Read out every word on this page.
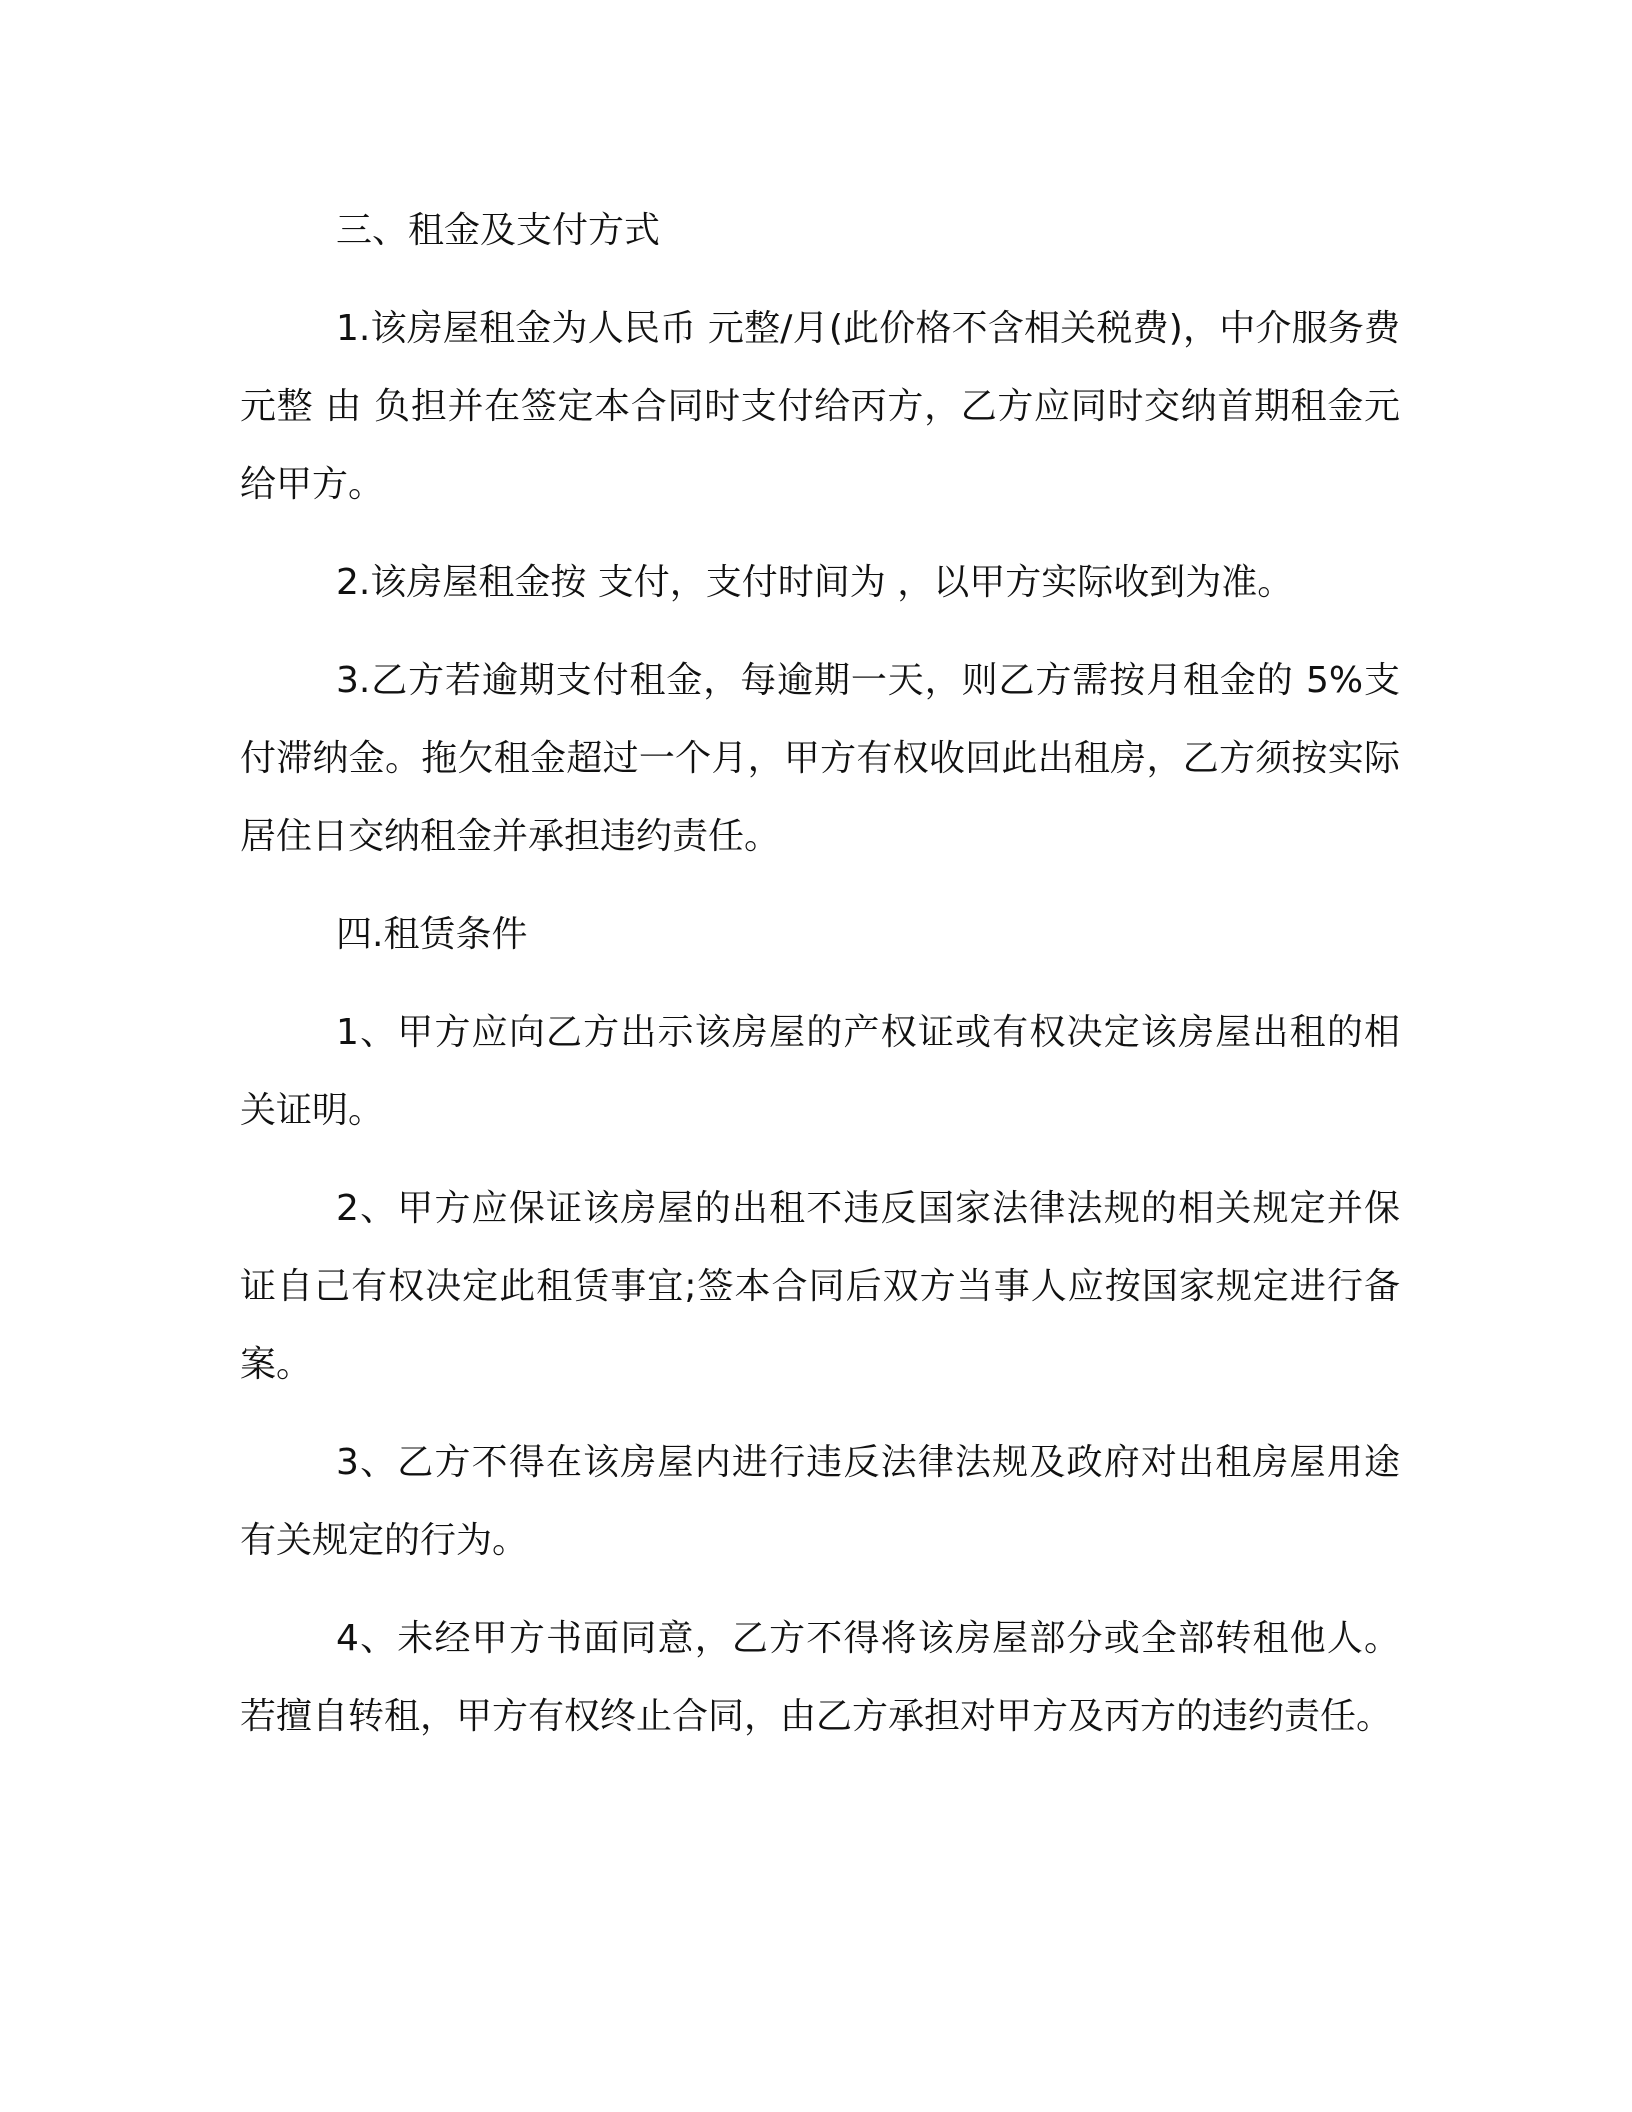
三、租金及支付方式

1.该房屋租金为人民币 元整/月(此价格不含相关税费)，中介服务费 元整 由 负担并在签定本合同时支付给丙方，乙方应同时交纳首期租金元给甲方。

2.该房屋租金按 支付，支付时间为 ，以甲方实际收到为准。

3.乙方若逾期支付租金，每逾期一天，则乙方需按月租金的 5%支付滞纳金。拖欠租金超过一个月，甲方有权收回此出租房，乙方须按实际居住日交纳租金并承担违约责任。

四.租赁条件

1、甲方应向乙方出示该房屋的产权证或有权决定该房屋出租的相关证明。

2、甲方应保证该房屋的出租不违反国家法律法规的相关规定并保证自己有权决定此租赁事宜;签本合同后双方当事人应按国家规定进行备案。

3、乙方不得在该房屋内进行违反法律法规及政府对出租房屋用途有关规定的行为。

4、未经甲方书面同意，乙方不得将该房屋部分或全部转租他人。若擅自转租，甲方有权终止合同，由乙方承担对甲方及丙方的违约责任。
